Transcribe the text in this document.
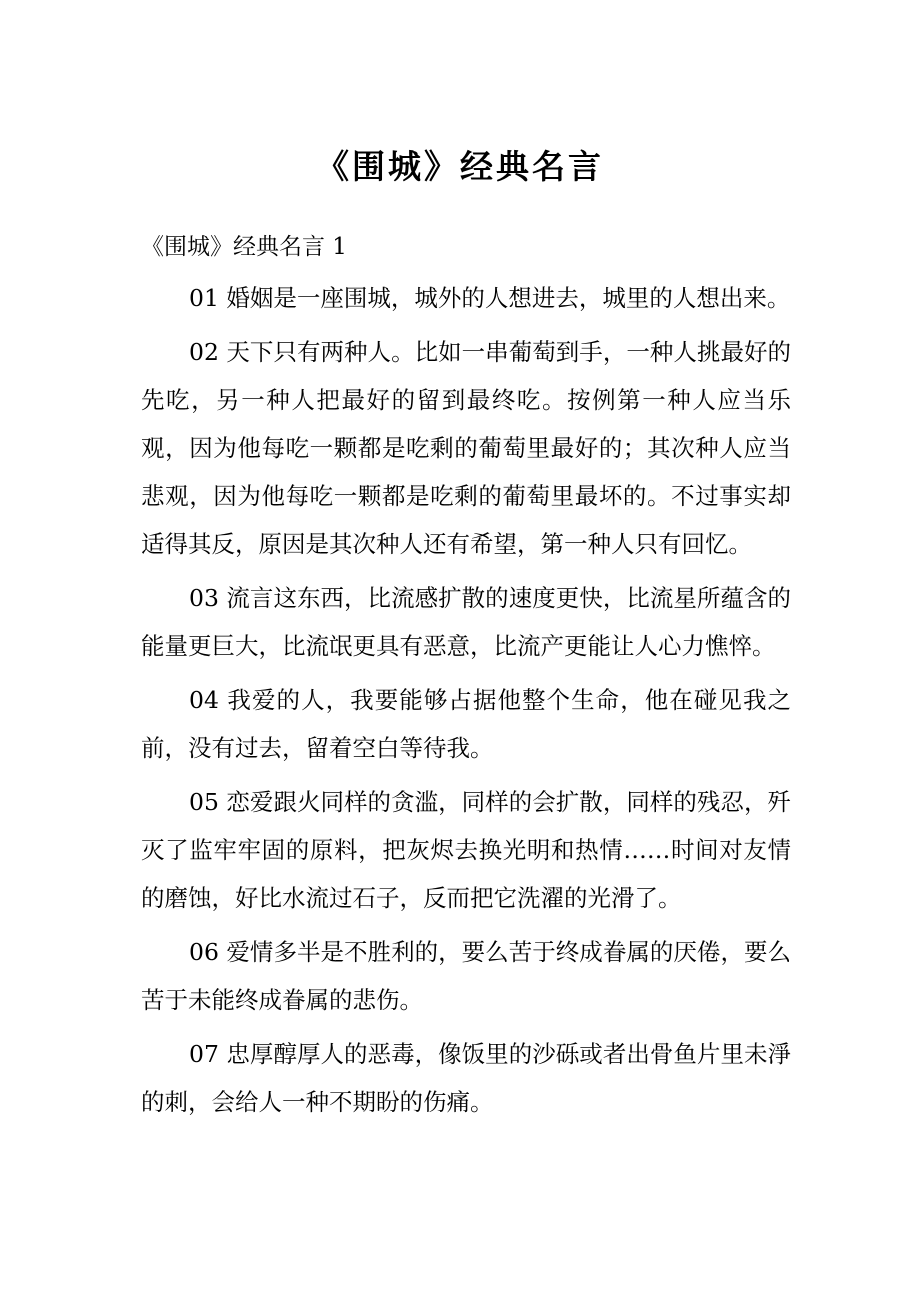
《围城》经典名言

《围城》经典名言 1

01 婚姻是一座围城，城外的人想进去，城里的人想出来。
02 天下只有两种人。比如一串葡萄到手，一种人挑最好的先吃，另一种人把最好的留到最终吃。按例第一种人应当乐观，因为他每吃一颗都是吃剩的葡萄里最好的；其次种人应当悲观，因为他每吃一颗都是吃剩的葡萄里最坏的。不过事实却适得其反，原因是其次种人还有希望，第一种人只有回忆。
03 流言这东西，比流感扩散的速度更快，比流星所蕴含的能量更巨大，比流氓更具有恶意，比流产更能让人心力憔悴。
04 我爱的人，我要能够占据他整个生命，他在碰见我之前，没有过去，留着空白等待我。
05 恋爱跟火同样的贪滥，同样的会扩散，同样的残忍，歼灭了监牢牢固的原料，把灰烬去换光明和热情……时间对友情的磨蚀，好比水流过石子，反而把它洗濯的光滑了。
06 爱情多半是不胜利的，要么苦于终成眷属的厌倦，要么苦于未能终成眷属的悲伤。
07 忠厚醇厚人的恶毒，像饭里的沙砾或者出骨鱼片里未淨的刺，会给人一种不期盼的伤痛。
